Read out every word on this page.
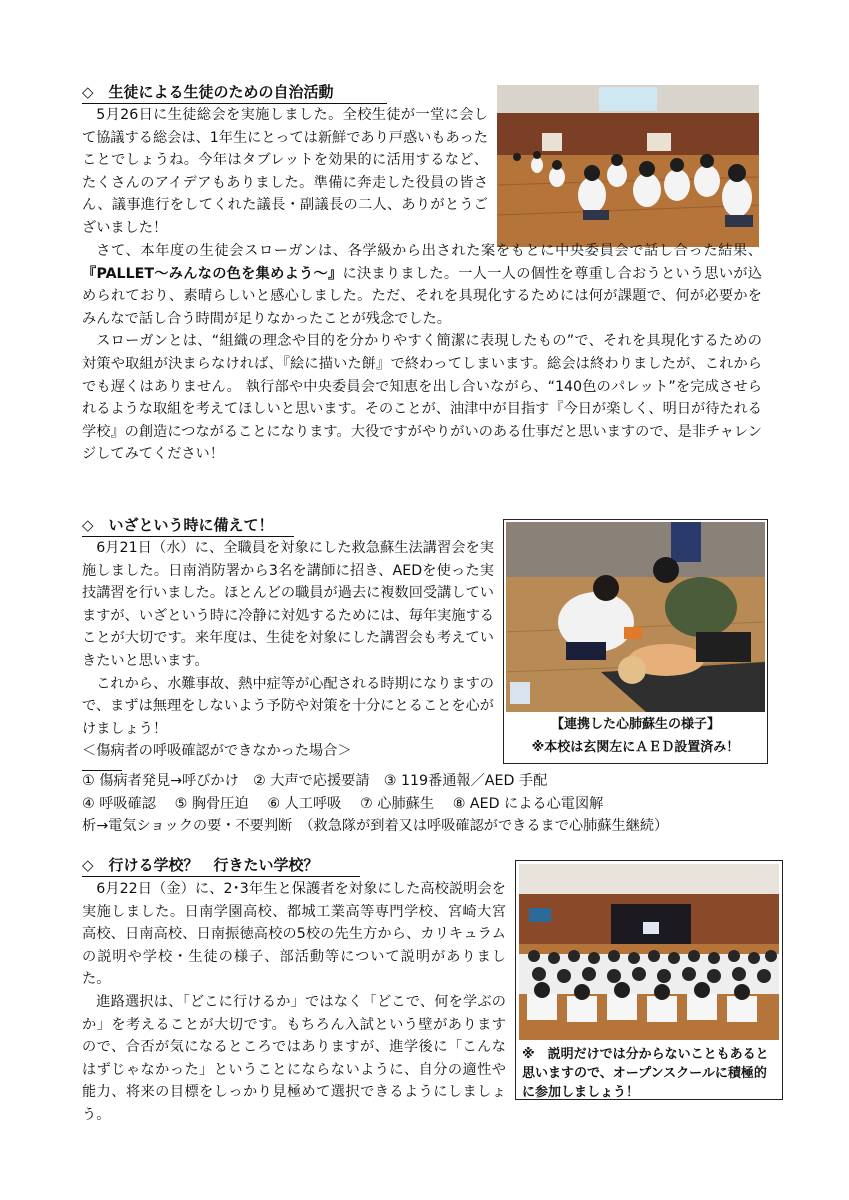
◇　生徒による生徒のための自治活動

5月26日に生徒総会を実施しました。全校生徒が一堂に会して協議する総会は、1年生にとっては新鮮であり戸惑いもあったことでしょうね。今年はタブレットを効果的に活用するなど、たくさんのアイデアもありました。準備に奔走した役員の皆さん、議事進行をしてくれた議長・副議長の二人、ありがとうございました！

さて、本年度の生徒会スローガンは、各学級から出された案をもとに中央委員会で話し合った結果、『PALLET～みんなの色を集めよう～』に決まりました。一人一人の個性を尊重し合おうという思いが込められており、素晴らしいと感心しました。ただ、それを具現化するためには何が課題で、何が必要かをみんなで話し合う時間が足りなかったことが残念でした。

スローガンとは、“組織の理念や目的を分かりやすく簡潔に表現したもの”で、それを具現化するための対策や取組が決まらなければ、『絵に描いた餅』で終わってしまいます。総会は終わりましたが、これからでも遅くはありません。 執行部や中央委員会で知恵を出し合いながら、“140色のパレット”を完成させられるような取組を考えてほしいと思います。そのことが、油津中が目指す『今日が楽しく、明日が待たれる学校』の創造につながることになります。大役ですがやりがいのある仕事だと思いますので、是非チャレンジしてみてください！

◇　いざという時に備えて！

6月21日（水）に、全職員を対象にした救急蘇生法講習会を実施しました。日南消防署から3名を講師に招き、AEDを使った実技講習を行いました。ほとんどの職員が過去に複数回受講していますが、いざという時に冷静に対処するためには、毎年実施することが大切です。来年度は、生徒を対象にした講習会も考えていきたいと思います。

これから、水難事故、熱中症等が心配される時期になりますので、まずは無理をしないよう予防や対策を十分にとることを心がけましょう！

＜傷病者の呼吸確認ができなかった場合＞

【連携した心肺蘇生の様子】
※本校は玄関左にＡＥＤ設置済み！
① 傷病者発見→呼びかけ　② 大声で応援要請　③ 119番通報／AED 手配
④ 呼吸確認　 ⑤ 胸骨圧迫　 ⑥ 人工呼吸　 ⑦ 心肺蘇生　 ⑧ AED による心電図解
析→電気ショックの要・不要判断　（救急隊が到着又は呼吸確認ができるまで心肺蘇生継続）
◇　行ける学校？　行きたい学校？

6月22日（金）に、2･3年生と保護者を対象にした高校説明会を実施しました。日南学園高校、都城工業高等専門学校、宮崎大宮高校、日南高校、日南振徳高校の5校の先生方から、カリキュラムの説明や学校・生徒の様子、部活動等について説明がありました。

進路選択は、「どこに行けるか」ではなく「どこで、何を学ぶのか」を考えることが大切です。もちろん入試という壁がありますので、合否が気になるところではありますが、進学後に「こんなはずじゃなかった」ということにならないように、自分の適性や能力、将来の目標をしっかり見極めて選択できるようにしましょう。

※　説明だけでは分からないこともあると思いますので、オープンスクールに積極的に参加しましょう！
